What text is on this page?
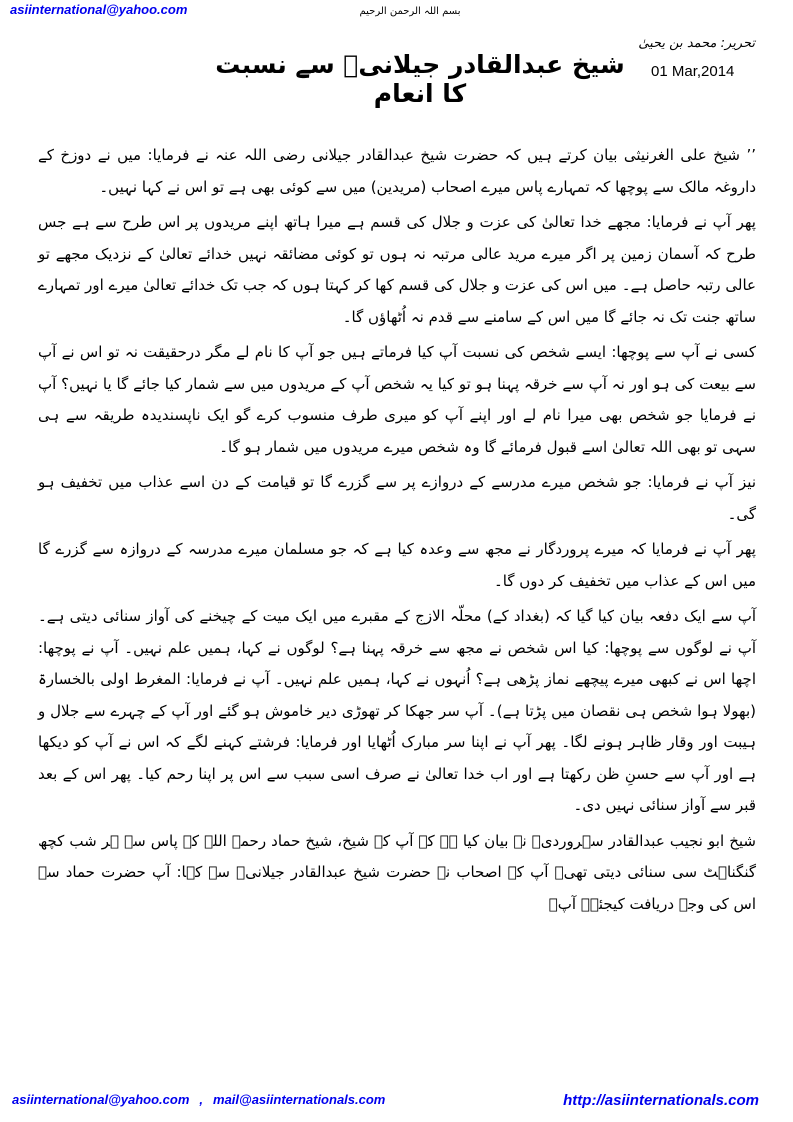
asiinternational@yahoo.com	بسم اللہ الرحمن الرحیم
تحریر: محمد بن یحییٰ
01 Mar,2014
شیخ عبدالقادر جیلانیؒ سے نسبت کا انعام

’’ شیخ علی الغرنیثی بیان کرتے ہیں کہ حضرت شیخ عبدالقادر جیلانی رضی اللہ عنہ نے فرمایا: میں نے دوزخ کے داروغہ مالک سے پوچھا کہ تمہارے پاس میرے اصحاب (مریدین) میں سے کوئی بھی ہے تو اس نے کہا نہیں۔

پھر آپ نے فرمایا: مجھے خدا تعالیٰ کی عزت و جلال کی قسم ہے میرا ہاتھ اپنے مریدوں پر اس طرح سے ہے جس طرح کہ آسمان زمین پر اگر میرے مرید عالی مرتبہ نہ ہوں تو کوئی مضائقہ نہیں خدائے تعالیٰ کے نزدیک مجھے تو عالی رتبہ حاصل ہے۔ میں اس کی عزت و جلال کی قسم کھا کر کہتا ہوں کہ جب تک خدائے تعالیٰ میرے اور تمہارے ساتھ جنت تک نہ جائے گا میں اس کے سامنے سے قدم نہ اُٹھاؤں گا۔

کسی نے آپ سے پوچھا: ایسے شخص کی نسبت آپ کیا فرماتے ہیں جو آپ کا نام لے مگر درحقیقت نہ تو اس نے آپ سے بیعت کی ہو اور نہ آپ سے خرقہ پہنا ہو تو کیا یہ شخص آپ کے مریدوں میں سے شمار کیا جائے گا یا نہیں؟ آپ نے فرمایا جو شخص بھی میرا نام لے اور اپنے آپ کو میری طرف منسوب کرے گو ایک ناپسندیدہ طریقہ سے ہی سہی تو بھی اللہ تعالیٰ اسے قبول فرمائے گا وہ شخص میرے مریدوں میں شمار ہو گا۔

نیز آپ نے فرمایا: جو شخص میرے مدرسے کے دروازے پر سے گزرے گا تو قیامت کے دن اسے عذاب میں تخفیف ہو گی۔

پھر آپ نے فرمایا کہ میرے پروردگار نے مجھ سے وعدہ کیا ہے کہ جو مسلمان میرے مدرسہ کے دروازہ سے گزرے گا میں اس کے عذاب میں تخفیف کر دوں گا۔

آپ سے ایک دفعہ بیان کیا گیا کہ (بغداد کے) محلّہ الازج کے مقبرے میں ایک میت کے چیخنے کی آواز سنائی دیتی ہے۔ آپ نے لوگوں سے پوچھا: کیا اس شخص نے مجھ سے خرقہ پہنا ہے؟ لوگوں نے کہا، ہمیں علم نہیں۔ آپ نے پوچھا: اچھا اس نے کبھی میرے پیچھے نماز پڑھی ہے؟ اُنہوں نے کہا، ہمیں علم نہیں۔ آپ نے فرمایا: المغرط اولی بالخسارۃ (بھولا ہوا شخص ہی نقصان میں پڑتا ہے)۔ آپ سر جھکا کر تھوڑی دیر خاموش ہو گئے اور آپ کے چہرے سے جلال و ہیبت اور وقار ظاہر ہونے لگا۔ پھر آپ نے اپنا سر مبارک اُٹھایا اور فرمایا: فرشتے کہنے لگے کہ اس نے آپ کو دیکھا ہے اور آپ سے حسنِ ظن رکھتا ہے اور اب خدا تعالیٰ نے صرف اسی سبب سے اس پر اپنا رحم کیا۔ پھر اس کے بعد قبر سے آواز سنائی نہیں دی۔

شیخ ابو نجیب عبدالقادر سہروردیؒ نے بیان کیا ہے کہ آپ کے شیخ، شیخ حماد رحمۃ اللہ کے پاس سے ہر شب کچھ گنگناہٹ سی سنائی دیتی تھی۔ آپ کے اصحاب نے حضرت شیخ عبدالقادر جیلانیؒ سے کہا: آپ حضرت حماد سے اس کی وجہ دریافت کیجئے۔ آپؒ

asiinternational@yahoo.com , mail@asiinternationals.com	http://asiinternationals.com
